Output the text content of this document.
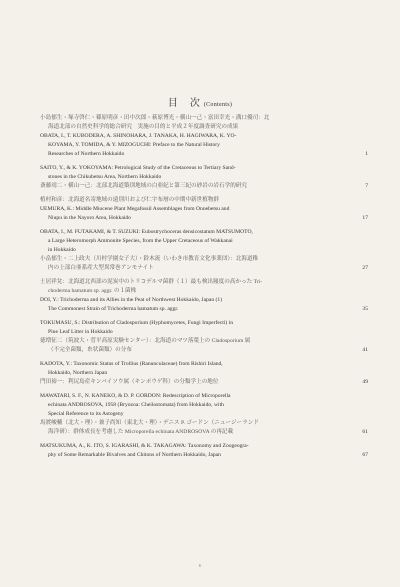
目　次 (Contents)
小島郁生・塚寺啓仁・篠原明彦・田中次郎・萩原博光・横山一己・富田幸光・溝口優司：北
海道北部の自然史科学的総合研究　実施の目的と平成２年度調査研究の成果
OBATA, I., T. KUBODERA, A. SHINOHARA, J. TANAKA, H. HAGIWARA, K. YO-
KOYAMA, Y. TOMIDA, & Y. MIZOGUCHI: Preface to the Natural History
Researches of Northern Hokkaido	1
SAITO, Y., & K. YOKOYAMA: Petrological Study of the Cretaceous to Tertiary Sand-
stones in the Chikubetsu Area, Northern Hokkaido
斎藤靖二・横山一己：北部北海道築別地域の白亜紀と第三紀の砂岩の岩石学的研究	7
植村和彦：北海道名寄地域の遠別川および仁宇布層の中期中新世植物群
UEMURA, K.: Middle Miocene Plant Megafossil Assemblages from Onnebetsu and
Niupu in the Nayoro Area, Hokkaido	17
OBATA, I., M. FUTAKAMI, & T. SUZUKI: Eubostrychoceras densicostatum MATSUMOTO,
a Large Heteromorph Ammonite Species, from the Upper Cretaceous of Wakkanai
in Hokkaido
小畠郁生・二上政夫（川村学園女子大）・鈴木流（いわき市教育文化事業団）：北海道稚
内の上部白亜系産大型異常巻アンモナイト	27
土居祥兌：北海道北西部の泥炭中のトリコデルマ菌群（１）最も検出頻度の高かった Tri-
choderma hamatum sp. aggr. の１菌株
DOI, Y.: Trichoderma and its Allies in the Peat of Northwest Hokkaido, Japan (1)
The Commonest Strain of Trichoderma hamatum sp. aggr.	35
TOKUMASU, S.: Distribution of Cladosporium (Hyphomycetes, Fungi Imperfecti) in
Pine Leaf Litter in Hokkaido
徳増征二（筑波大・菅平高原実験センター）：北海道のマツ落葉上の Cladosporium 属
（不完全菌類，糸状菌類）の分布	41
KADOTA, Y.: Taxonomic Status of Trollius (Ranunculaceae) from Rishiri Island,
Hokkaido, Northern Japan
門田裕一：利尻島産キンバイソウ属（キンポウゲ科）の分類学上の地位	49
MAWATARI, S. F., N. KANEKO, & D. P. GORDON: Redescription of Microporella
echinata ANDROSOVA, 1958 (Bryozoa: Cheilostomata) from Hokkaido, with
Special Reference to its Astogeny
馬渡峻輔（北大・理）・兼子尚知（東北大・理）・デニス P. ゴードン（ニュージーランド
海洋研）：群体成長を考慮した Microporella echinata ANDROSOVA の再記載	61
MATSUKUMA, A., K. ITO, S. IGARASHI, & K. TAKAGAWA: Taxonomy and Zoogeogra-
phy of Some Remarkable Bivalves and Chitons of Northern Hokkaido, Japan	67
v
